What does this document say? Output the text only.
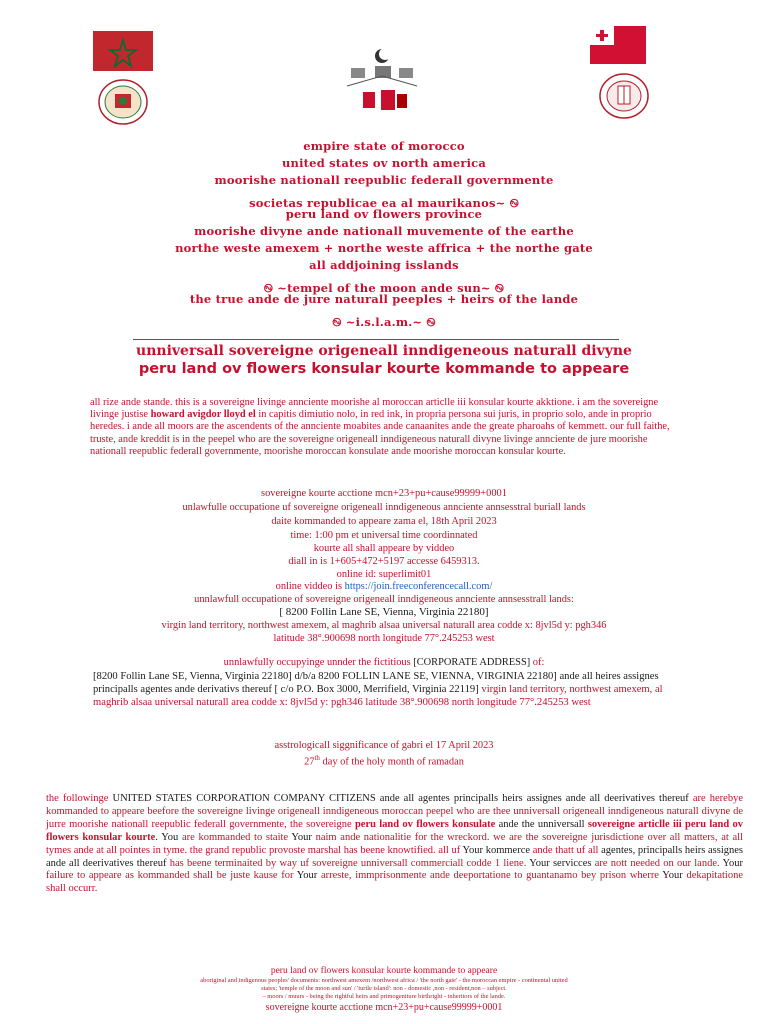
empire state of morocco
united states ov north america
moorishe nationall reepublic federall governmente
societas republicae ea al maurikanos~ ࿊
peru land ov flowers province
moorishe divyne ande nationall muvemente of the earthe
northe weste amexem + northe weste affrica + the northe gate
all addjoining isslands
࿊ ~tempel of the moon ande sun~ ࿊
the true ande de jure naturall peeples + heirs of the lande
࿊ ~i.s.l.a.m.~ ࿊
unniversall sovereigne origeneall inndigeneous naturall divyne
peru land ov flowers konsular kourte kommande to appeare
all rize ande stande. this is a sovereigne livinge annciente moorishe al moroccan articlle iii konsular kourte akktione. i am the sovereigne livinge justise howard avigdor lloyd el in capitis dimiutio nolo, in red ink, in propria persona sui juris, in proprio solo, ande in proprio heredes. i ande all moors are the ascendents of the annciente moabites ande canaanites ande the greate pharoahs of kemmett. our full faithe, truste, ande kreddit is in the peepel who are the sovereigne origeneall inndigeneous naturall divyne livinge annciente de jure moorishe nationall reepublic federall governmente, moorishe moroccan konsulate ande moorishe moroccan konsular kourte.
sovereigne kourte acctione mcn+23+pu+cause99999+0001
unlawfulle occupatione uf sovereigne origeneall inndigeneous annciente annsesstral buriall lands
daite kommanded to appeare zama el, 18th April 2023
time: 1:00 pm et universal time coordinnated
kourte all shall appeare by viddeo
diall in is 1+605+472+5197 accesse 6459313.
online id: superlimit01
online viddeo is https://join.freeconferencecall.com/
unnlawfull occupatione of sovereigne origeneall inndigeneous annciente annsesstrall lands:
[ 8200 Follin Lane SE, Vienna, Virginia 22180]
virgin land territory, northwest amexem, al maghrib alsaa universal naturall area codde x: 8jvl5d y: pgh346
latitude 38°.900698 north longitude 77°.245253 west
unnlawfully occupyinge unnder the fictitious [CORPORATE ADDRESS] of:
[8200 Follin Lane SE, Vienna, Virginia 22180] d/b/a 8200 FOLLIN LANE SE, VIENNA, VIRGINIA 22180] ande all heires assignes principalls agentes ande derivativs thereuf [ c/o P.O. Box 3000, Merrifield, Virginia 22119] virgin land territory, northwest amexem, al maghrib alsaa universal naturall area codde x: 8jvl5d y: pgh346 latitude 38°.900698 north longitude 77°.245253 west
asstrologicall siggnificance of gabri el 17 April 2023
27th day of the holy month of ramadan
the followinge UNITED STATES CORPORATION COMPANY CITIZENS ande all agentes principalls heirs assignes ande all deerivatives thereuf are herebye kommanded to appeare beefore the sovereigne livinge origeneall inndigeneous moroccan peepel who are thee unniversall origeneall inndigeneous naturall divyne de jurre moorishe nationall reepublic federall governmente, the sovereigne peru land ov flowers konsulate ande the unniversall sovereigne articlle iii peru land ov flowers konsular kourte. You are kommanded to staite Your naim ande nationalitie for the wreckord. we are the sovereigne jurisdictione over all matters, at all tymes ande at all pointes in tyme. the grand republic provoste marshal has beene knowtified. all uf Your kommerce ande thatt uf all agentes, principalls heirs assignes ande all deerivatives thereuf has beene terminaited by way uf sovereigne unniversall commerciall codde 1 liene. Your servicces are nott needed on our lande. Your failure to appeare as kommanded shall be juste kause for Your arreste, immprisonmente ande deeportatione to guantanamo bey prison wherre Your dekapitatione shall occurr.
peru land ov flowers konsular kourte kommande to appeare
aboriginal and indigenous peoples' documents: northwest amexem /northwest africa / 'the north gate' - the moroccan empire - continental united
states; 'temple of the moon and sun' / 'turtle island': non - domestic ,non - resident,non – subject.
– moors / muurs - being the rightful heirs and primogeniture birthright - inheritors of the lande.
sovereigne kourte acctione mcn+23+pu+cause99999+0001
